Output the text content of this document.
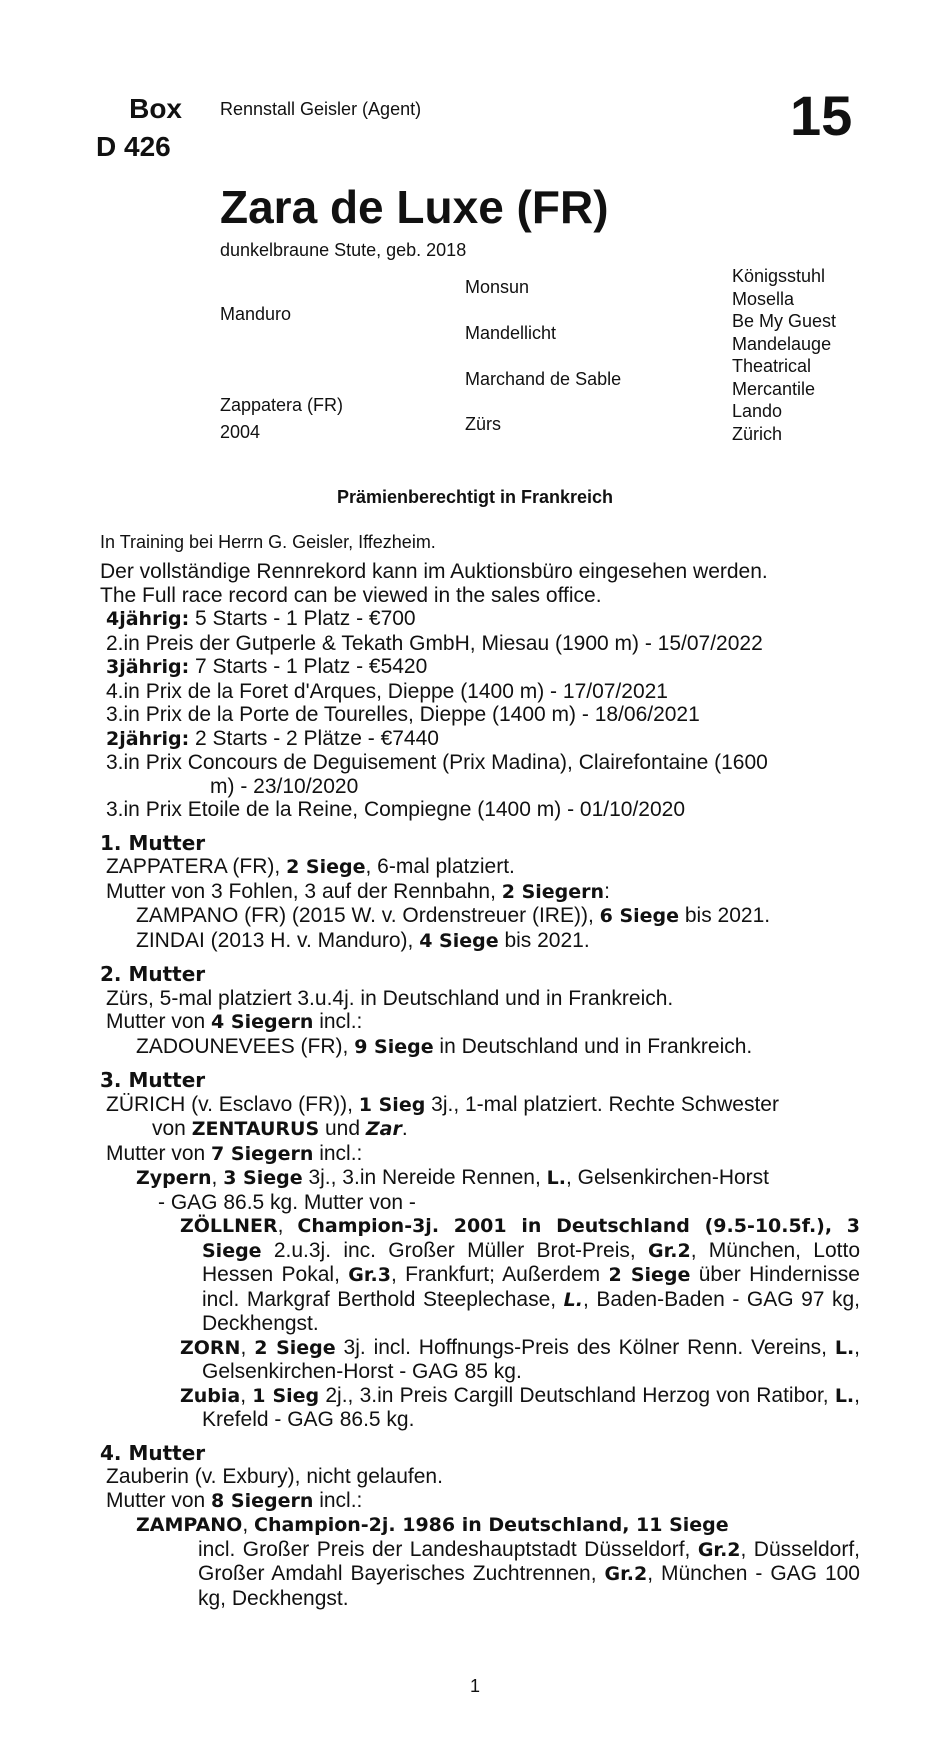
Box
D 426
Rennstall Geisler (Agent)	15
Zara de Luxe (FR)
dunkelbraune Stute, geb. 2018
Manduro
Zappatera (FR)
2004
Monsun
Mandellicht
Marchand de Sable
Zürs
Königsstuhl
Mosella
Be My Guest
Mandelauge
Theatrical
Mercantile
Lando
Zürich
Prämienberechtigt in Frankreich
In Training bei Herrn G. Geisler, Iffezheim.

Der vollständige Rennrekord kann im Auktionsbüro eingesehen werden.

The Full race record can be viewed in the sales office.

4jährig: 5 Starts - 1 Platz - €700

2.in Preis der Gutperle & Tekath GmbH, Miesau (1900 m) - 15/07/2022

3jährig: 7 Starts - 1 Platz - €5420

4.in Prix de la Foret d'Arques, Dieppe (1400 m) - 17/07/2021

3.in Prix de la Porte de Tourelles, Dieppe (1400 m) - 18/06/2021

2jährig: 2 Starts - 2 Plätze - €7440

3.in Prix Concours de Deguisement (Prix Madina), Clairefontaine (1600

m) - 23/10/2020

3.in Prix Etoile de la Reine, Compiegne (1400 m) - 01/10/2020

1. Mutter

ZAPPATERA (FR), 2 Siege, 6-mal platziert.

Mutter von 3 Fohlen, 3 auf der Rennbahn, 2 Siegern:

ZAMPANO (FR) (2015 W. v. Ordenstreuer (IRE)), 6 Siege bis 2021.

ZINDAI (2013 H. v. Manduro), 4 Siege bis 2021.

2. Mutter

Zürs, 5-mal platziert 3.u.4j. in Deutschland und in Frankreich.

Mutter von 4 Siegern incl.:

ZADOUNEVEES (FR), 9 Siege in Deutschland und in Frankreich.

3. Mutter

ZÜRICH (v. Esclavo (FR)), 1 Sieg 3j., 1-mal platziert. Rechte Schwester

von ZENTAURUS und Zar.

Mutter von 7 Siegern incl.:

Zypern, 3 Siege 3j., 3.in Nereide Rennen, L., Gelsenkirchen-Horst

- GAG 86.5 kg. Mutter von -

ZÖLLNER, Champion-3j. 2001 in Deutschland (9.5-10.5f.), 3 Siege 2.u.3j. inc. Großer Müller Brot-Preis, Gr.2, München, Lotto Hessen Pokal, Gr.3, Frankfurt; Außerdem 2 Siege über Hindernisse incl. Markgraf Berthold Steeplechase, L., Baden-Baden - GAG 97 kg, Deckhengst.

ZORN, 2 Siege 3j. incl. Hoffnungs-Preis des Kölner Renn. Vereins, L., Gelsenkirchen-Horst - GAG 85 kg.

Zubia, 1 Sieg 2j., 3.in Preis Cargill Deutschland Herzog von Ratibor, L., Krefeld - GAG 86.5 kg.

4. Mutter

Zauberin (v. Exbury), nicht gelaufen.

Mutter von 8 Siegern incl.:

ZAMPANO, Champion-2j. 1986 in Deutschland, 11 Siege

incl. Großer Preis der Landeshauptstadt Düsseldorf, Gr.2, Düsseldorf, Großer Amdahl Bayerisches Zuchtrennen, Gr.2, München - GAG 100 kg, Deckhengst.

1
